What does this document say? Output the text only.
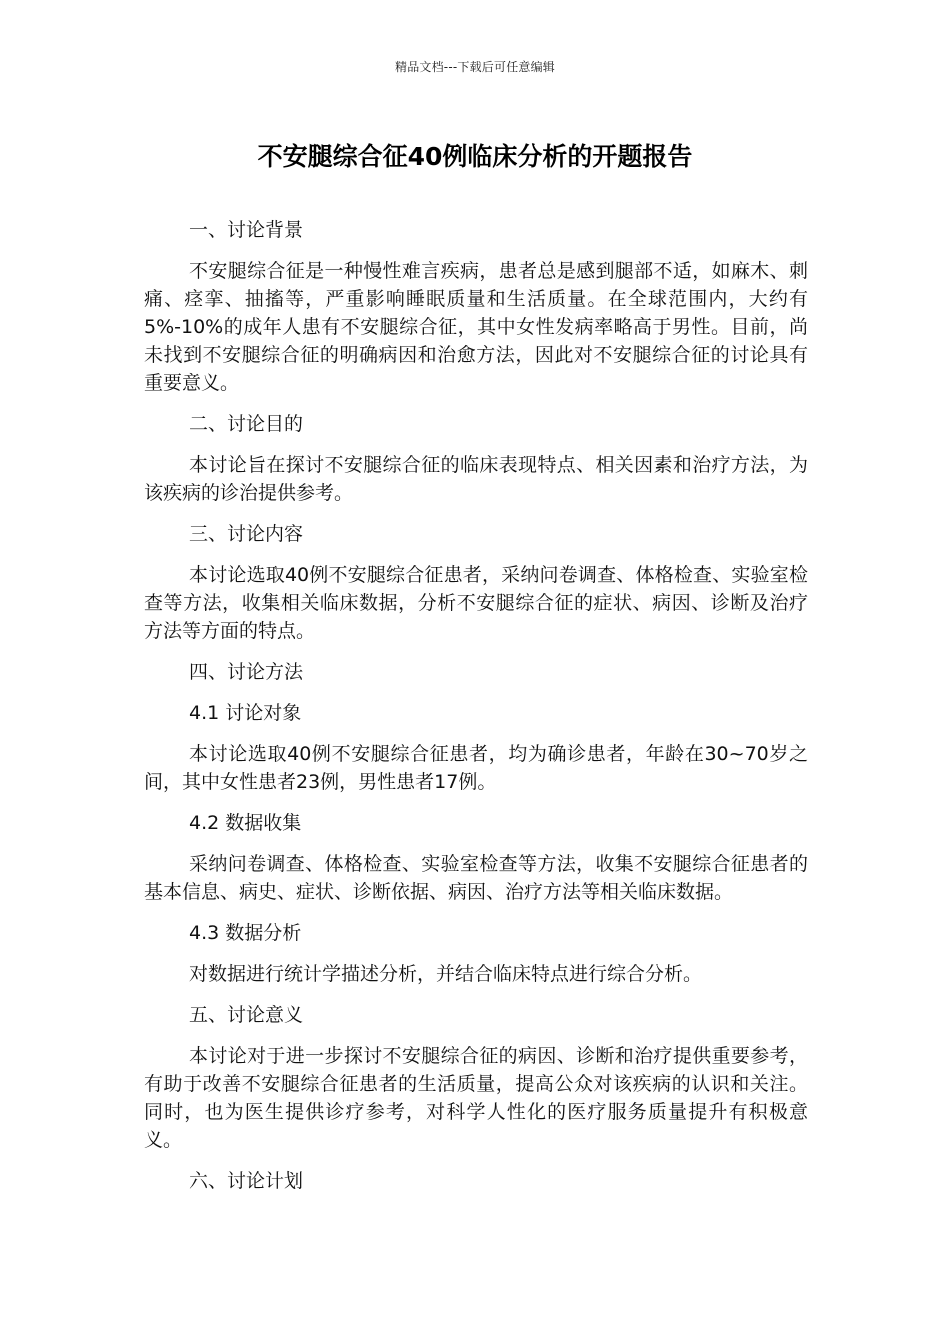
精品文档---下载后可任意编辑
不安腿综合征40例临床分析的开题报告

一、讨论背景

不安腿综合征是一种慢性难言疾病，患者总是感到腿部不适，如麻木、刺痛、痉挛、抽搐等，严重影响睡眠质量和生活质量。在全球范围内，大约有5%-10%的成年人患有不安腿综合征，其中女性发病率略高于男性。目前，尚未找到不安腿综合征的明确病因和治愈方法，因此对不安腿综合征的讨论具有重要意义。

二、讨论目的

本讨论旨在探讨不安腿综合征的临床表现特点、相关因素和治疗方法，为该疾病的诊治提供参考。

三、讨论内容

本讨论选取40例不安腿综合征患者，采纳问卷调查、体格检查、实验室检查等方法，收集相关临床数据，分析不安腿综合征的症状、病因、诊断及治疗方法等方面的特点。

四、讨论方法

4.1 讨论对象

本讨论选取40例不安腿综合征患者，均为确诊患者，年龄在30~70岁之间，其中女性患者23例，男性患者17例。

4.2 数据收集

采纳问卷调查、体格检查、实验室检查等方法，收集不安腿综合征患者的基本信息、病史、症状、诊断依据、病因、治疗方法等相关临床数据。

4.3 数据分析

对数据进行统计学描述分析，并结合临床特点进行综合分析。

五、讨论意义

本讨论对于进一步探讨不安腿综合征的病因、诊断和治疗提供重要参考，有助于改善不安腿综合征患者的生活质量，提高公众对该疾病的认识和关注。同时，也为医生提供诊疗参考，对科学人性化的医疗服务质量提升有积极意义。

六、讨论计划
